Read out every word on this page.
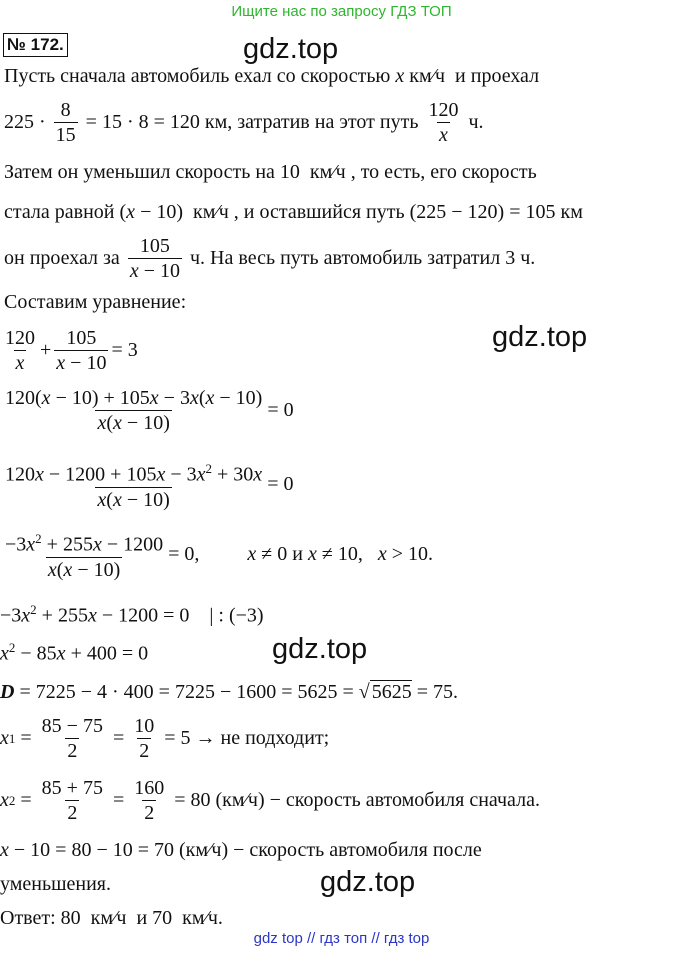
Ищите нас по запросу ГДЗ ТОП
№ 172.	gdz.top
gdz.top
gdz.top
gdz.top
Пусть сначала автомобиль ехал со скоростью x км⁄ч  и проехал
$225 \cdot \frac{8}{15} = 15 \cdot 8 = 120$ км, затратив на этот путь $\frac{120}{x} ч$.
Затем он уменьшил скорость на 10  км⁄ч , то есть, его скорость
стала равной (x − 10)  км⁄ч , и оставшийся путь (225 − 120) = 105 км
он проехал за $\frac{105}{x - 10} ч$. На весь путь автомобиль затратил 3 ч.
Составим уравнение:
$\frac{120}{x} + \frac{105}{x - 10} = 3$
$\frac{120(x - 10) + 105x - 3x(x - 10)}{x(x - 10)} = 0$
$\frac{120x - 1200 + 105x - 3x^2 + 30x}{x(x - 10)} = 0$
$\frac{-3x^2 + 255x - 1200}{x(x - 10)} = 0$, x ≠ 0 и x ≠ 10, x > 10.
$-3x^2 + 255x - 1200 = 0$    | : (−3)
$x^2 - 85x + 400 = 0$
D = 7225 − 4 · 400 = 7225 − 1600 = 5625 = √ 5625 = 75.
x $1 = \frac{85 - 75}{2} = \frac{10}{2} = 5$ → не подходит;
x $2 = \frac{85 + 75}{2} = \frac{160}{2} = 80$ (км⁄ч) − скорость автомобиля сначала.
x − 10 = 80 − 10 = 70 (км⁄ч) − скорость автомобиля после
уменьшения.
Ответ: 80  км⁄ч  и 70  км⁄ч.
gdz top // гдз топ // гдз top
